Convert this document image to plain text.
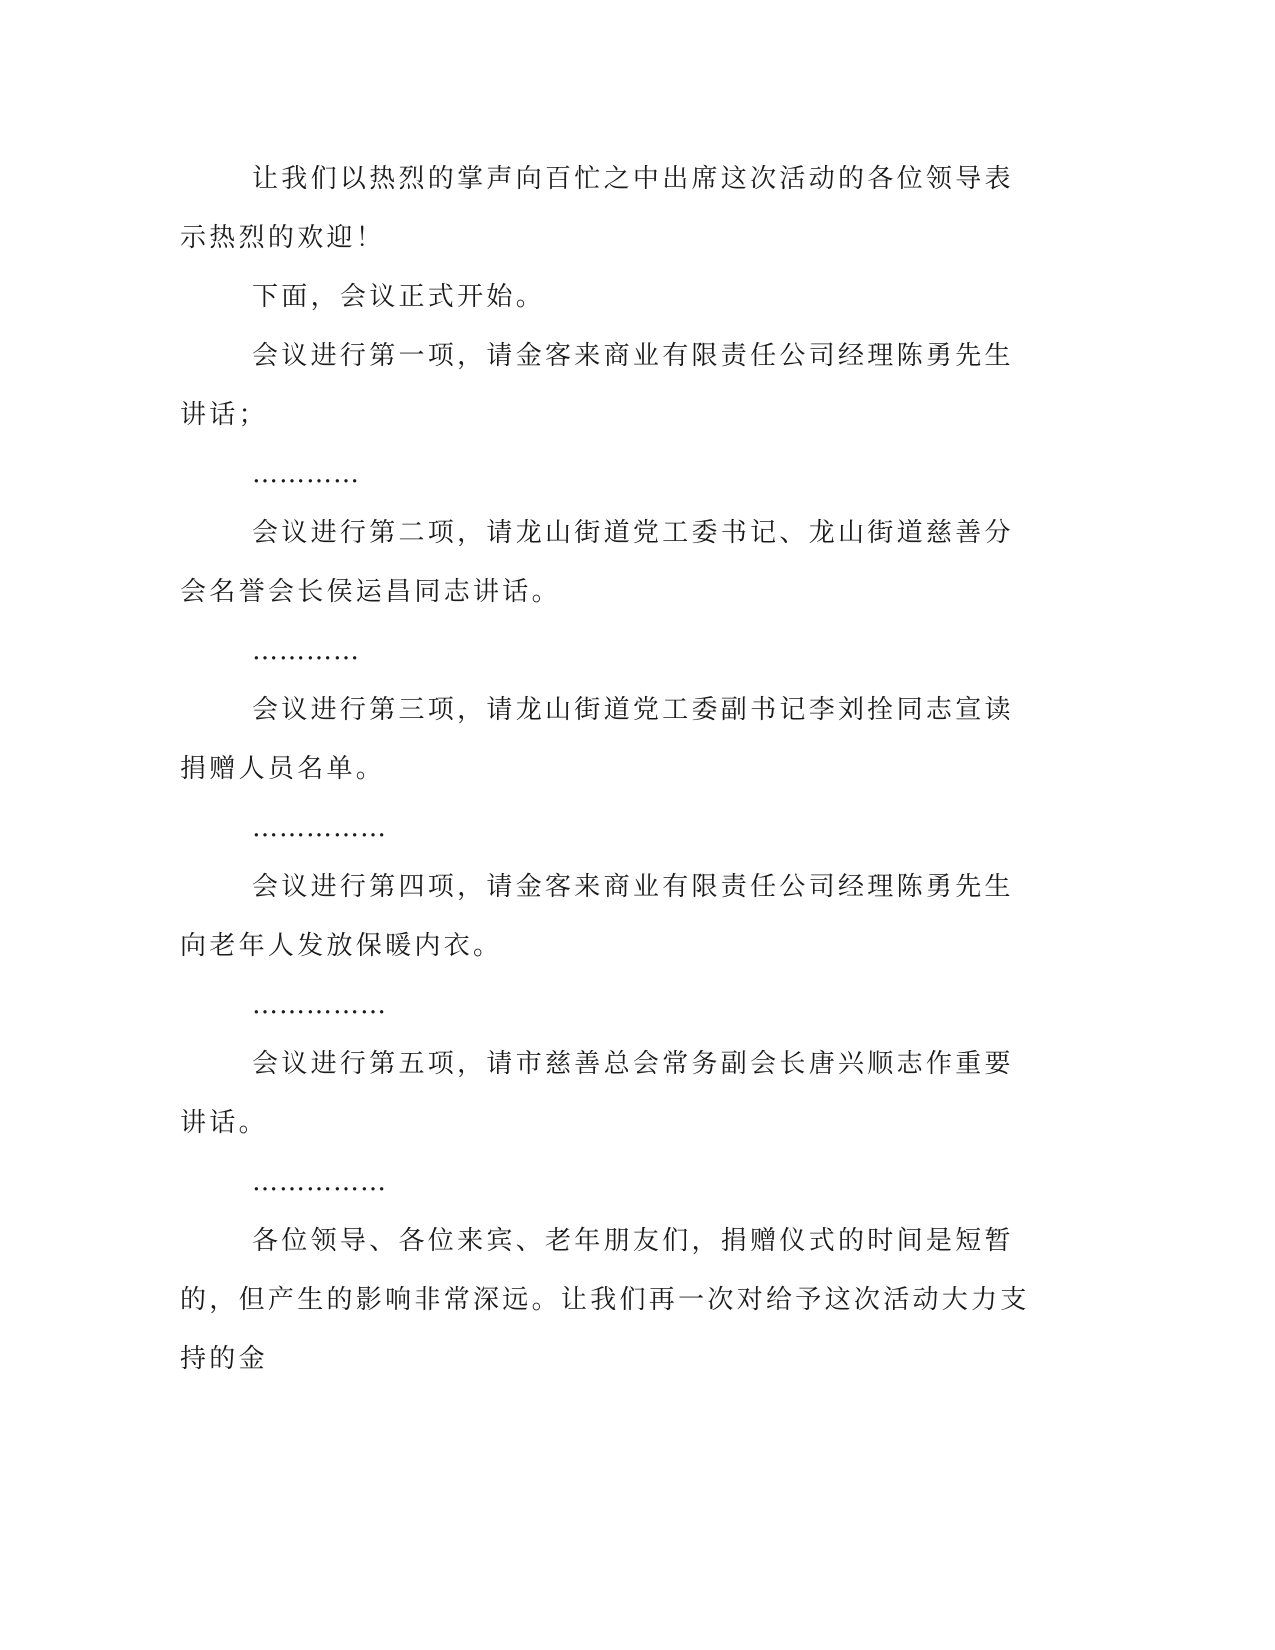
让我们以热烈的掌声向百忙之中出席这次活动的各位领导表示热烈的欢迎！

下面，会议正式开始。

会议进行第一项，请金客来商业有限责任公司经理陈勇先生讲话；

…………

会议进行第二项，请龙山街道党工委书记、龙山街道慈善分会名誉会长侯运昌同志讲话。

…………

会议进行第三项，请龙山街道党工委副书记李刘拴同志宣读捐赠人员名单。

……………

会议进行第四项，请金客来商业有限责任公司经理陈勇先生向老年人发放保暖内衣。

……………

会议进行第五项，请市慈善总会常务副会长唐兴顺志作重要讲话。

……………

各位领导、各位来宾、老年朋友们，捐赠仪式的时间是短暂的，但产生的影响非常深远。让我们再一次对给予这次活动大力支持的金
